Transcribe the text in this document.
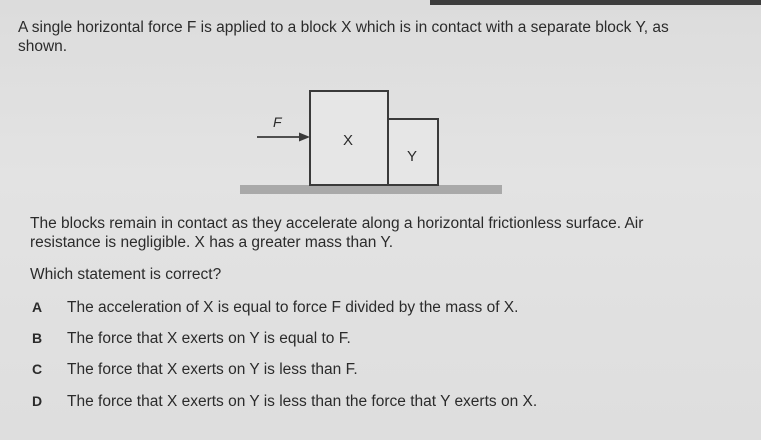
A single horizontal force F is applied to a block X which is in contact with a separate block Y, as
shown.
F
X
Y
The blocks remain in contact as they accelerate along a horizontal frictionless surface. Air
resistance is negligible. X has a greater mass than Y.
Which statement is correct?
A The acceleration of X is equal to force F divided by the mass of X.
B The force that X exerts on Y is equal to F.
C The force that X exerts on Y is less than F.
D The force that X exerts on Y is less than the force that Y exerts on X.
